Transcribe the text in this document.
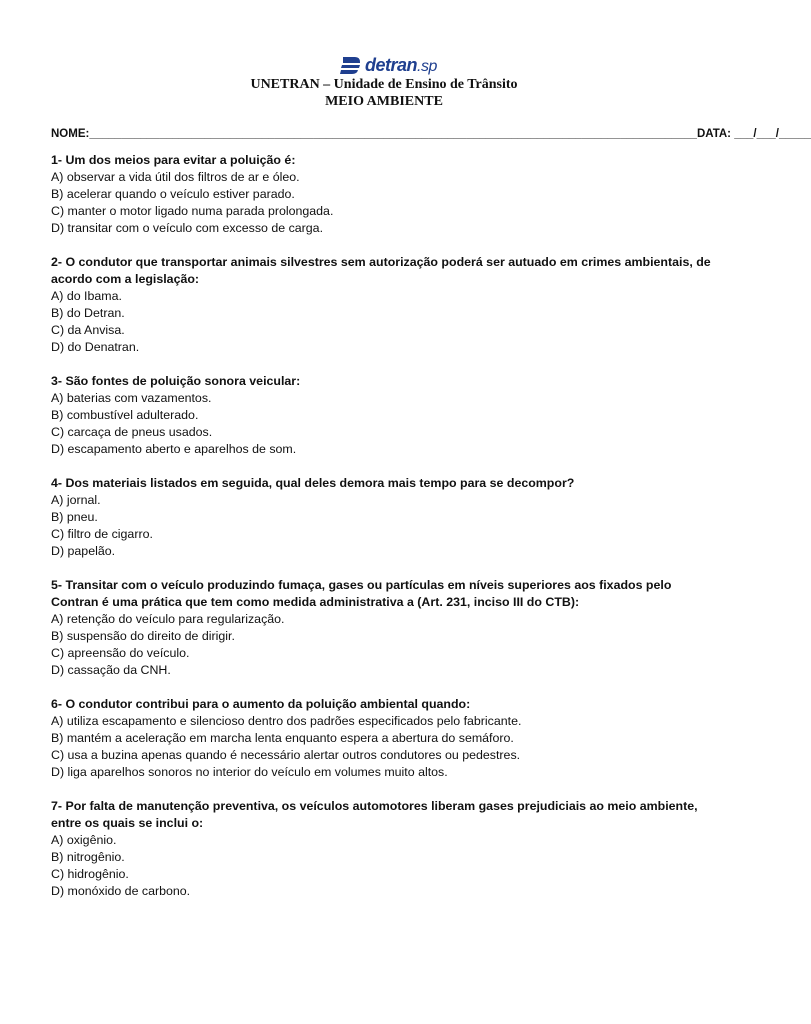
detran.sp
UNETRAN – Unidade de Ensino de Trânsito
MEIO AMBIENTE
NOME:_______________________________________________________________________________________________DATA: ___/___/_____
1- Um dos meios para evitar a poluição é:
A) observar a vida útil dos filtros de ar e óleo.
B) acelerar quando o veículo estiver parado.
C) manter o motor ligado numa parada prolongada.
D) transitar com o veículo com excesso de carga.
2- O condutor que transportar animais silvestres sem autorização poderá ser autuado em crimes ambientais, de acordo com a legislação:
A) do Ibama.
B) do Detran.
C) da Anvisa.
D) do Denatran.
3- São fontes de poluição sonora veicular:
A) baterias com vazamentos.
B) combustível adulterado.
C) carcaça de pneus usados.
D) escapamento aberto e aparelhos de som.
4- Dos materiais listados em seguida, qual deles demora mais tempo para se decompor?
A) jornal.
B) pneu.
C) filtro de cigarro.
D) papelão.
5- Transitar com o veículo produzindo fumaça, gases ou partículas em níveis superiores aos fixados pelo Contran é uma prática que tem como medida administrativa a (Art. 231, inciso III do CTB):
A) retenção do veículo para regularização.
B) suspensão do direito de dirigir.
C) apreensão do veículo.
D) cassação da CNH.
6- O condutor contribui para o aumento da poluição ambiental quando:
A) utiliza escapamento e silencioso dentro dos padrões especificados pelo fabricante.
B) mantém a aceleração em marcha lenta enquanto espera a abertura do semáforo.
C) usa a buzina apenas quando é necessário alertar outros condutores ou pedestres.
D) liga aparelhos sonoros no interior do veículo em volumes muito altos.
7- Por falta de manutenção preventiva, os veículos automotores liberam gases prejudiciais ao meio ambiente, entre os quais se inclui o:
A) oxigênio.
B) nitrogênio.
C) hidrogênio.
D) monóxido de carbono.
